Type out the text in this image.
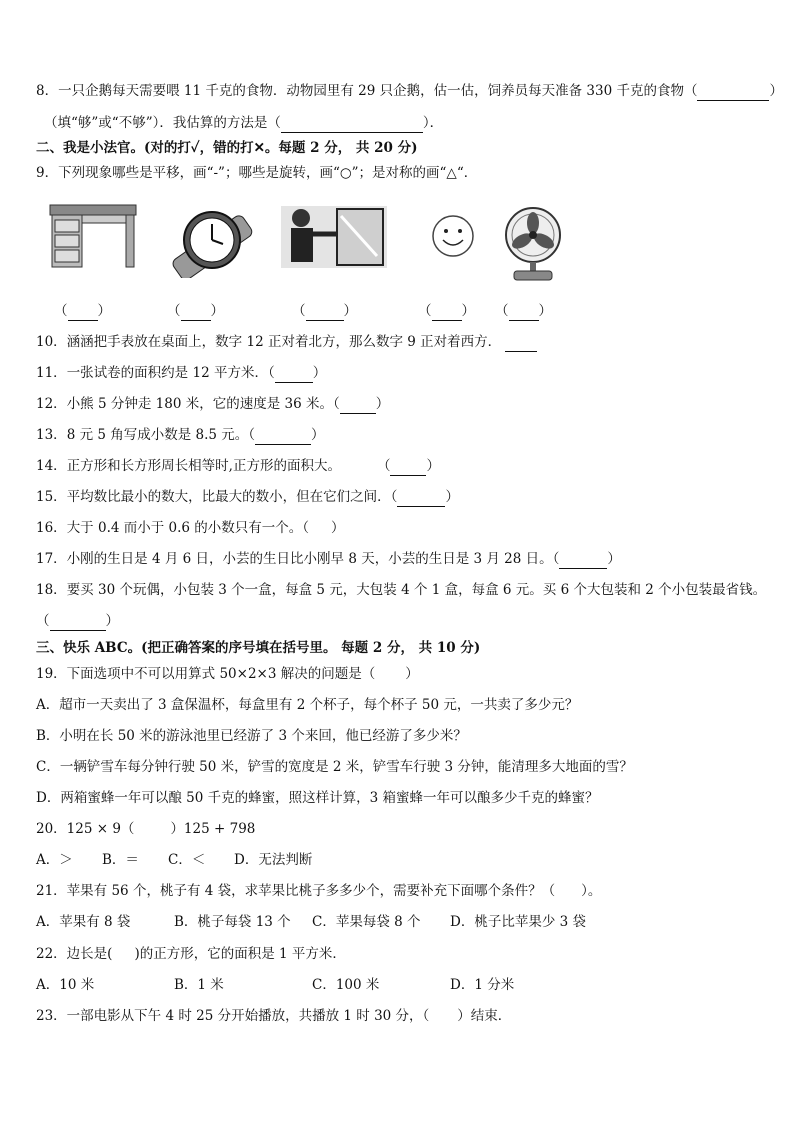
8．一只企鹅每天需要喂 11 千克的食物．动物园里有 29 只企鹅，估一估，饲养员每天准备 330 千克的食物（	）
（填“够”或“不够”）．我估算的方法是（	）．
二、我是小法官。(对的打✓，错的打✕。每题 2 分， 共 20 分)
9．下列现象哪些是平移，画“-”；哪些是旋转，画“○”；是对称的画“△“．
（ ）	（ ）	（	）	（ ） （ ）
10．涵涵把手表放在桌面上，数字 12 正对着北方，那么数字 9 正对着西方．
11．一张试卷的面积约是 12 平方米．（	）
12．小熊 5 分钟走 180 米，它的速度是 36 米。（	）
13．8 元 5 角写成小数是 8.5 元。（	）
14．正方形和长方形周长相等时,正方形的面积大。	（	）
15．平均数比最小的数大，比最大的数小，但在它们之间．（	）
16．大于 0.4 而小于 0.6 的小数只有一个。（ ）
17．小刚的生日是 4 月 6 日，小芸的生日比小刚早 8 天，小芸的生日是 3 月 28 日。（	）
18．要买 30 个玩偶，小包装 3 个一盒，每盒 5 元，大包装 4 个 1 盒，每盒 6 元。买 6 个大包装和 2 个小包装最省钱。
（	）
三、快乐 ABC。(把正确答案的序号填在括号里。 每题 2 分， 共 10 分)
19．下面选项中不可以用算式 50×2×3 解决的问题是（ ）
A．超市一天卖出了 3 盒保温杯，每盒里有 2 个杯子，每个杯子 50 元，一共卖了多少元？
B．小明在长 50 米的游泳池里已经游了 3 个来回，他已经游了多少米？
C．一辆铲雪车每分钟行驶 50 米，铲雪的宽度是 2 米，铲雪车行驶 3 分钟，能清理多大地面的雪？
D．两箱蜜蜂一年可以酿 50 千克的蜂蜜，照这样计算，3 箱蜜蜂一年可以酿多少千克的蜂蜜？
20．125 × 9（	）125 + 798
A．＞ B．＝ C．＜ D．无法判断
21．苹果有 56 个，桃子有 4 袋，求苹果比桃子多多少个，需要补充下面哪个条件？（ ）。
A．苹果有 8 袋	B．桃子每袋 13 个 C．苹果每袋 8 个 D．桃子比苹果少 3 袋
22．边长是( )的正方形，它的面积是 1 平方米．
A．10 米	B．1 米	C．100 米	D．1 分米
23．一部电影从下午 4 时 25 分开始播放，共播放 1 时 30 分，（ ）结束．
